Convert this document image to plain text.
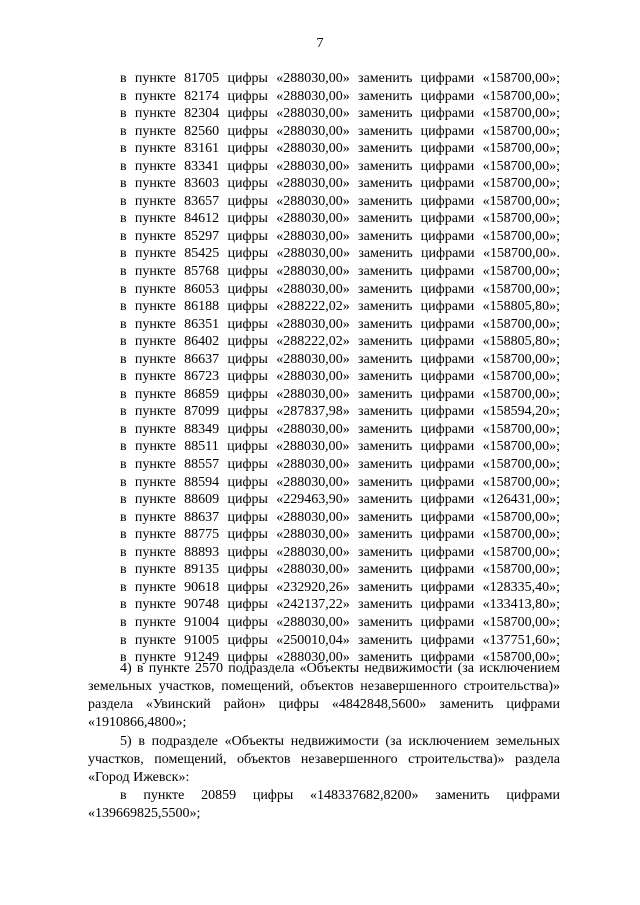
7
в пункте 81705 цифры «288030,00» заменить цифрами «158700,00»;
в пункте 82174 цифры «288030,00» заменить цифрами «158700,00»;
в пункте 82304 цифры «288030,00» заменить цифрами «158700,00»;
в пункте 82560 цифры «288030,00» заменить цифрами «158700,00»;
в пункте 83161 цифры «288030,00» заменить цифрами «158700,00»;
в пункте 83341 цифры «288030,00» заменить цифрами «158700,00»;
в пункте 83603 цифры «288030,00» заменить цифрами «158700,00»;
в пункте 83657 цифры «288030,00» заменить цифрами «158700,00»;
в пункте 84612 цифры «288030,00» заменить цифрами «158700,00»;
в пункте 85297 цифры «288030,00» заменить цифрами «158700,00»;
в пункте 85425 цифры «288030,00» заменить цифрами «158700,00».
в пункте 85768 цифры «288030,00» заменить цифрами «158700,00»;
в пункте 86053 цифры «288030,00» заменить цифрами «158700,00»;
в пункте 86188 цифры «288222,02» заменить цифрами «158805,80»;
в пункте 86351 цифры «288030,00» заменить цифрами «158700,00»;
в пункте 86402 цифры «288222,02» заменить цифрами «158805,80»;
в пункте 86637 цифры «288030,00» заменить цифрами «158700,00»;
в пункте 86723 цифры «288030,00» заменить цифрами «158700,00»;
в пункте 86859 цифры «288030,00» заменить цифрами «158700,00»;
в пункте 87099 цифры «287837,98» заменить цифрами «158594,20»;
в пункте 88349 цифры «288030,00» заменить цифрами «158700,00»;
в пункте 88511 цифры «288030,00» заменить цифрами «158700,00»;
в пункте 88557 цифры «288030,00» заменить цифрами «158700,00»;
в пункте 88594 цифры «288030,00» заменить цифрами «158700,00»;
в пункте 88609 цифры «229463,90» заменить цифрами «126431,00»;
в пункте 88637 цифры «288030,00» заменить цифрами «158700,00»;
в пункте 88775 цифры «288030,00» заменить цифрами «158700,00»;
в пункте 88893 цифры «288030,00» заменить цифрами «158700,00»;
в пункте 89135 цифры «288030,00» заменить цифрами «158700,00»;
в пункте 90618 цифры «232920,26» заменить цифрами «128335,40»;
в пункте 90748 цифры «242137,22» заменить цифрами «133413,80»;
в пункте 91004 цифры «288030,00» заменить цифрами «158700,00»;
в пункте 91005 цифры «250010,04» заменить цифрами «137751,60»;
в пункте 91249 цифры «288030,00» заменить цифрами «158700,00»;
4) в пункте 2570 подраздела «Объекты недвижимости (за исключением
земельных участков, помещений, объектов незавершенного строительства)»
раздела «Увинский район» цифры «4842848,5600» заменить цифрами
«1910866,4800»;
5) в подразделе «Объекты недвижимости (за исключением земельных
участков, помещений, объектов незавершенного строительства)» раздела
«Город Ижевск»:
в пункте 20859 цифры «148337682,8200» заменить цифрами
«139669825,5500»;
